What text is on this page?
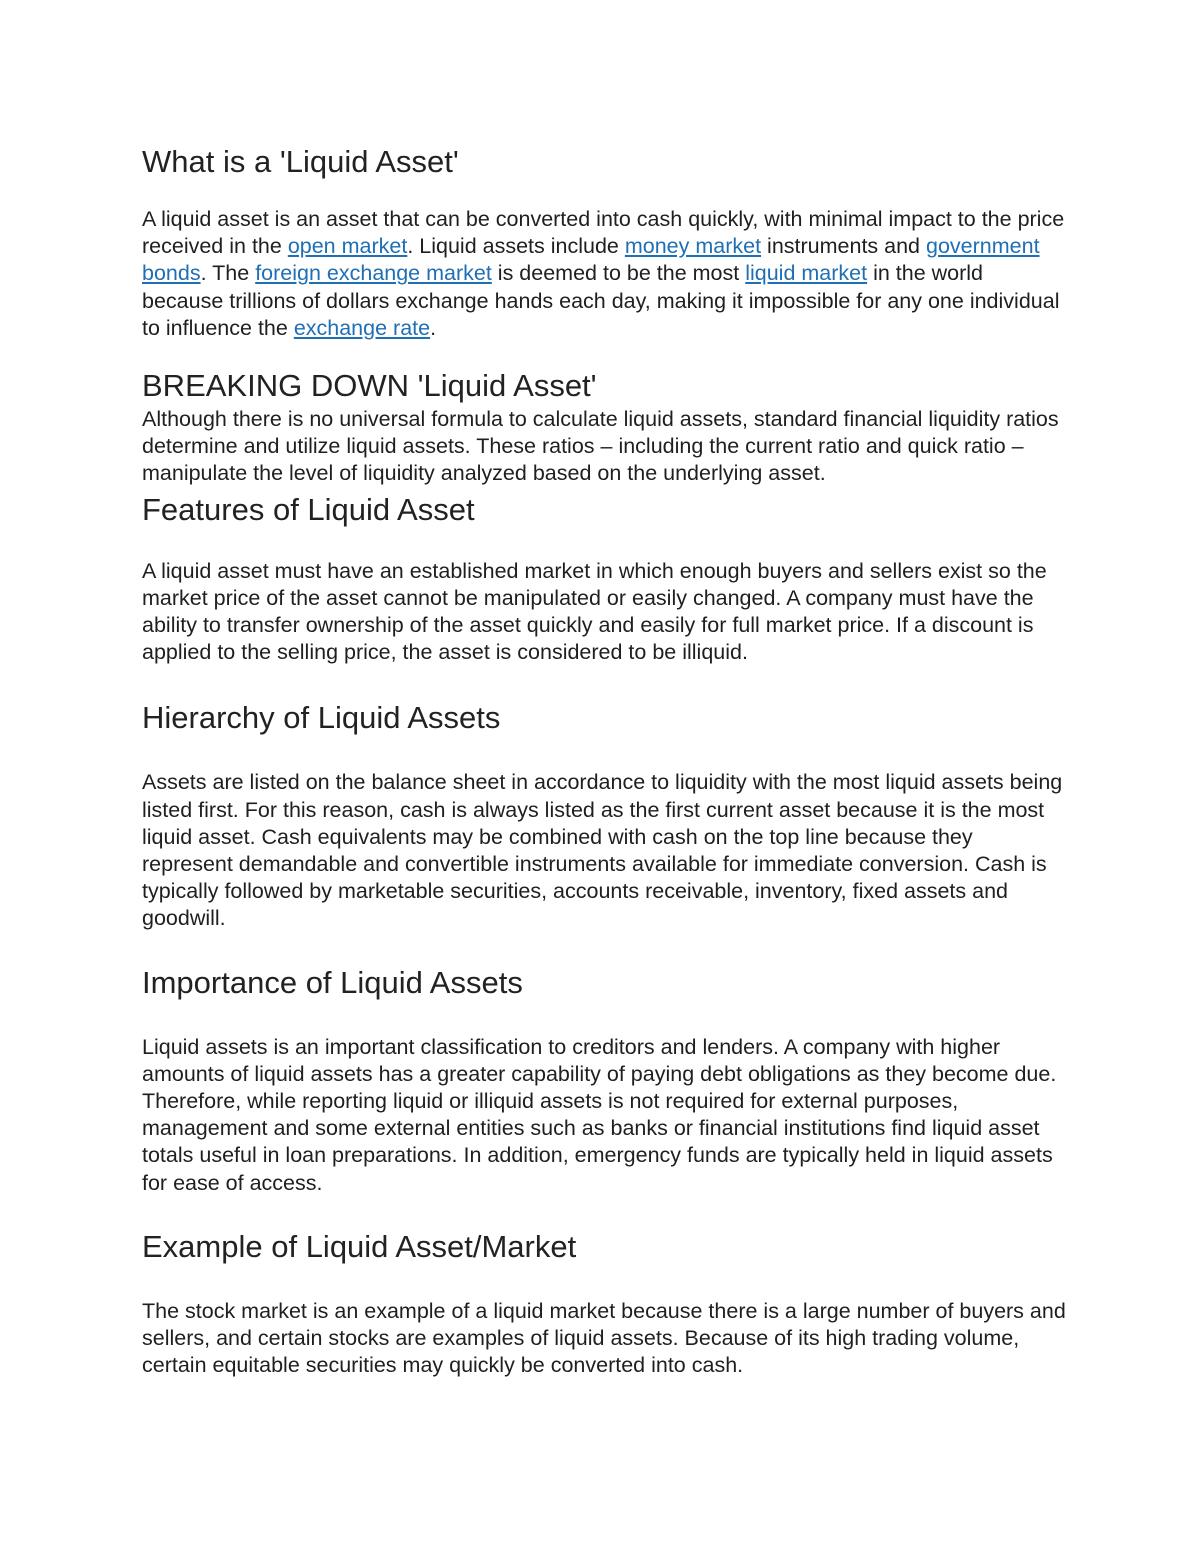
What is a 'Liquid Asset'

A liquid asset is an asset that can be converted into cash quickly, with minimal impact to the price received in the open market. Liquid assets include money market instruments and government bonds. The foreign exchange market is deemed to be the most liquid market in the world because trillions of dollars exchange hands each day, making it impossible for any one individual to influence the exchange rate.

BREAKING DOWN 'Liquid Asset'

Although there is no universal formula to calculate liquid assets, standard financial liquidity ratios determine and utilize liquid assets. These ratios – including the current ratio and quick ratio – manipulate the level of liquidity analyzed based on the underlying asset.

Features of Liquid Asset

A liquid asset must have an established market in which enough buyers and sellers exist so the market price of the asset cannot be manipulated or easily changed. A company must have the ability to transfer ownership of the asset quickly and easily for full market price. If a discount is applied to the selling price, the asset is considered to be illiquid.

Hierarchy of Liquid Assets

Assets are listed on the balance sheet in accordance to liquidity with the most liquid assets being listed first. For this reason, cash is always listed as the first current asset because it is the most liquid asset. Cash equivalents may be combined with cash on the top line because they represent demandable and convertible instruments available for immediate conversion. Cash is typically followed by marketable securities, accounts receivable, inventory, fixed assets and goodwill.

Importance of Liquid Assets

Liquid assets is an important classification to creditors and lenders. A company with higher amounts of liquid assets has a greater capability of paying debt obligations as they become due. Therefore, while reporting liquid or illiquid assets is not required for external purposes, management and some external entities such as banks or financial institutions find liquid asset totals useful in loan preparations. In addition, emergency funds are typically held in liquid assets for ease of access.

Example of Liquid Asset/Market

The stock market is an example of a liquid market because there is a large number of buyers and sellers, and certain stocks are examples of liquid assets. Because of its high trading volume, certain equitable securities may quickly be converted into cash.
